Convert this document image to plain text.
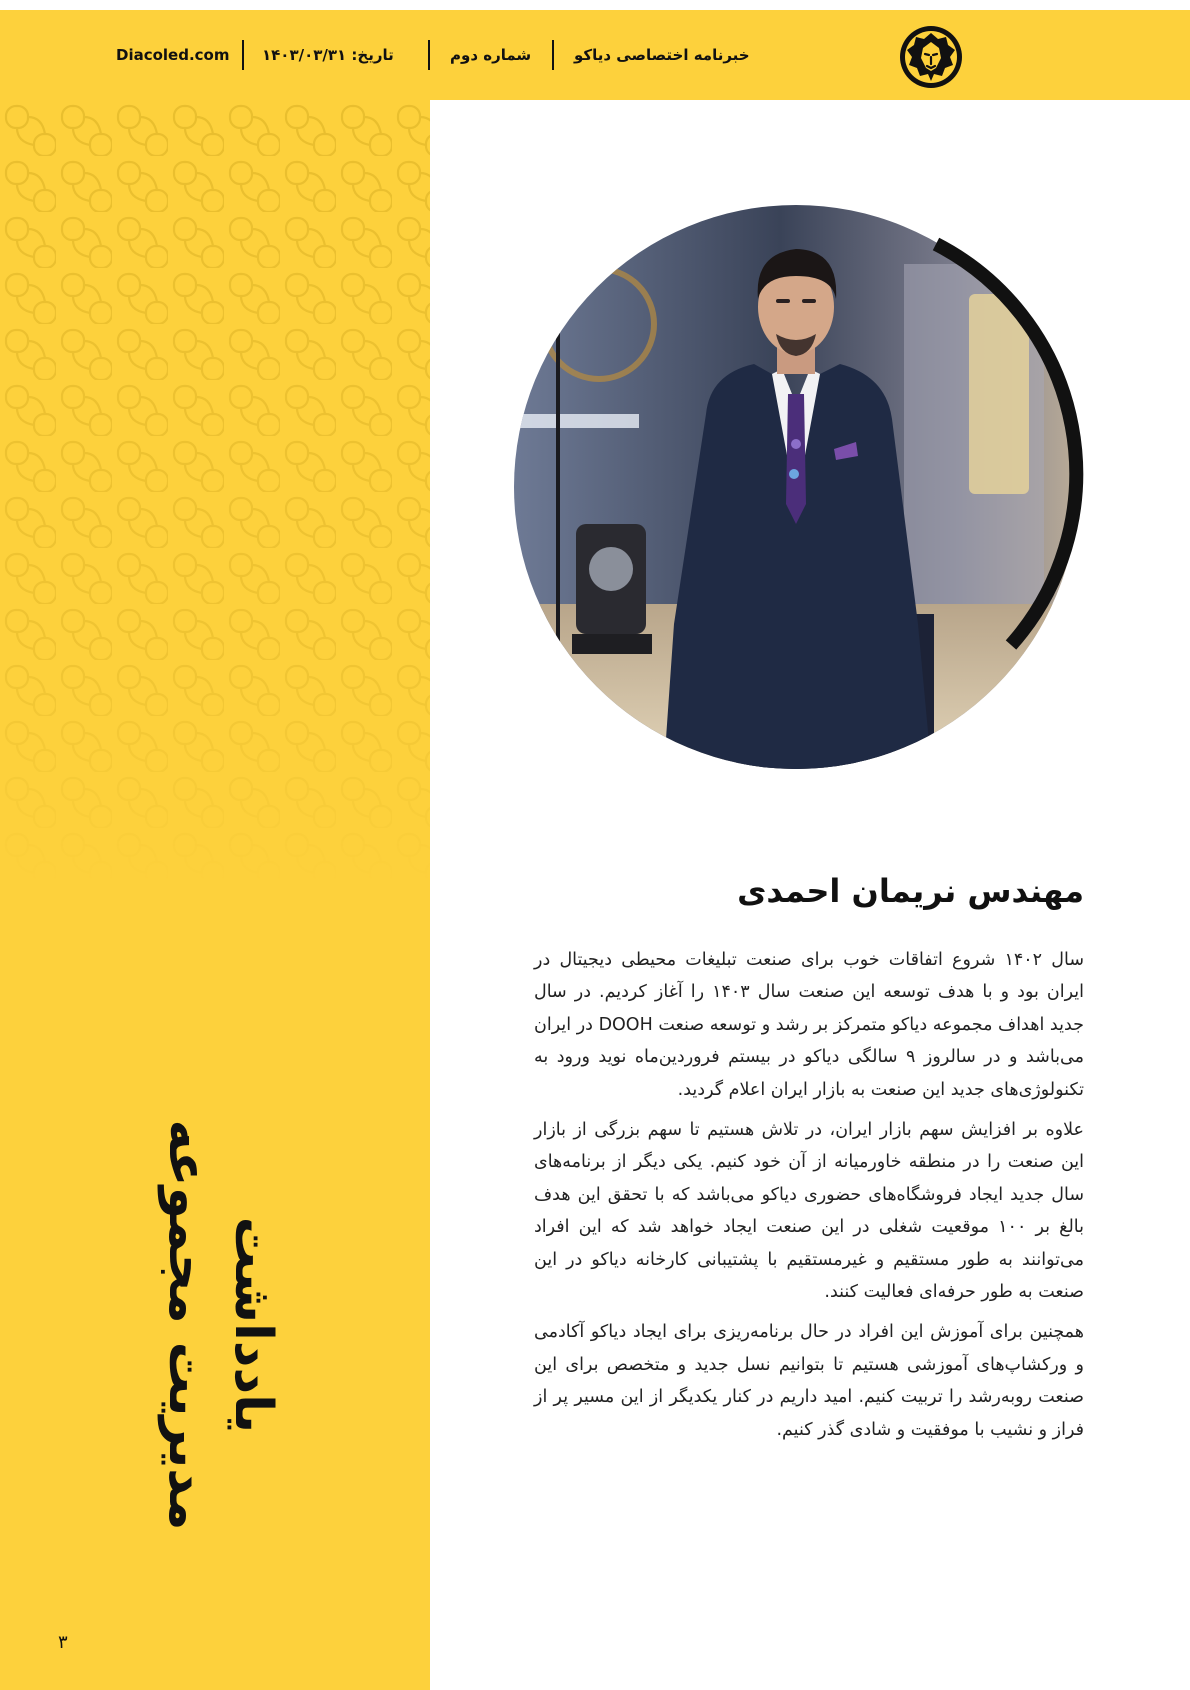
Diacoled.com تاریخ: ۱۴۰۳/۰۳/۳۱	شماره دوم	خبرنامه اختصاصی دیاکو
یادداشت
مدیریت مجموعه
۳
مهندس نریمان احمدی

سال ۱۴۰۲ شروع اتفاقات خوب برای صنعت تبلیغات محیطی دیجیتال در ایران بود و با هدف توسعه این صنعت سال ۱۴۰۳ را آغاز کردیم. در سال جدید اهداف مجموعه دیاکو متمرکز بر رشد و توسعه صنعت DOOH در ایران می‌باشد و در سالروز ۹ سالگی دیاکو در بیستم فروردین‌ماه نوید ورود به تکنولوژی‌های جدید این صنعت به بازار ایران اعلام گردید.

علاوه بر افزایش سهم بازار ایران، در تلاش هستیم تا سهم بزرگی از بازار این صنعت را در منطقه خاورمیانه از آن خود کنیم. یکی دیگر از برنامه‌های سال جدید ایجاد فروشگاه‌های حضوری دیاکو می‌باشد که با تحقق این هدف بالغ بر ۱۰۰ موقعیت شغلی در این صنعت ایجاد خواهد شد که این افراد می‌توانند به طور مستقیم و غیرمستقیم با پشتیبانی کارخانه دیاکو در این صنعت به طور حرفه‌ای فعالیت کنند.

همچنین برای آموزش این افراد در حال برنامه‌ریزی برای ایجاد دیاکو آکادمی و ورکشاپ‌های آموزشی هستیم تا بتوانیم نسل جدید و متخصص برای این صنعت روبه‌رشد را تربیت کنیم. امید داریم در کنار یکدیگر از این مسیر پر از فراز و نشیب با موفقیت و شادی گذر کنیم.
